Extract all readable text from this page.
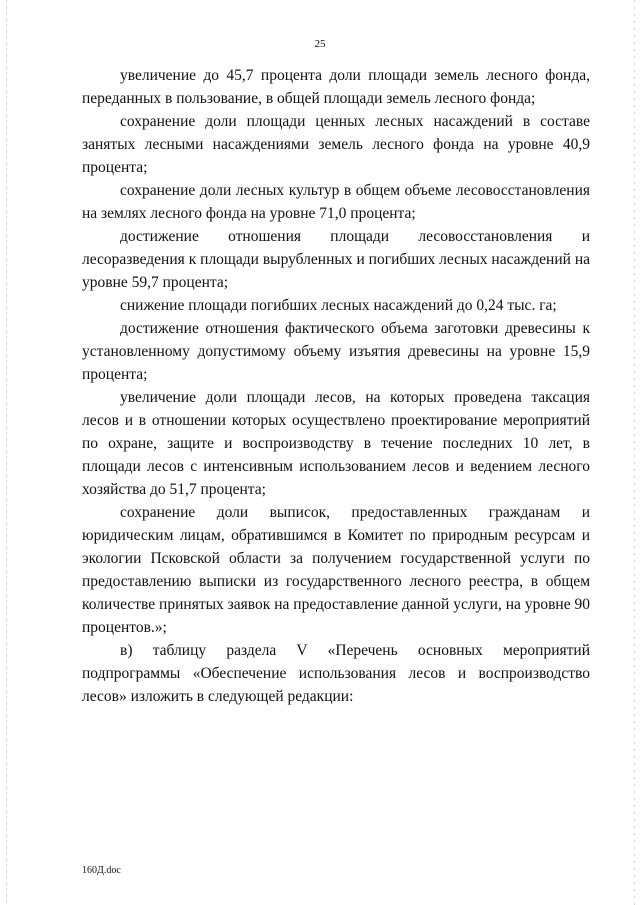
25

увеличение до 45,7 процента доли площади земель лесного фонда, переданных в пользование, в общей площади земель лесного фонда;

сохранение доли площади ценных лесных насаждений в составе занятых лесными насаждениями земель лесного фонда на уровне 40,9 процента;

сохранение доли лесных культур в общем объеме лесовосстановления на землях лесного фонда на уровне 71,0 процента;

достижение отношения площади лесовосстановления и лесоразведения к площади вырубленных и погибших лесных насаждений на уровне 59,7 процента;

снижение площади погибших лесных насаждений до 0,24 тыс. га;

достижение отношения фактического объема заготовки древесины к установленному допустимому объему изъятия древесины на уровне 15,9 процента;

увеличение доли площади лесов, на которых проведена таксация лесов и в отношении которых осуществлено проектирование мероприятий по охране, защите и воспроизводству в течение последних 10 лет, в площади лесов с интенсивным использованием лесов и ведением лесного хозяйства до 51,7 процента;

сохранение доли выписок, предоставленных гражданам и юридическим лицам, обратившимся в Комитет по природным ресурсам и экологии Псковской области за получением государственной услуги по предоставлению выписки из государственного лесного реестра, в общем количестве принятых заявок на предоставление данной услуги, на уровне 90 процентов.»;

в) таблицу раздела V «Перечень основных мероприятий подпрограммы «Обеспечение использования лесов и воспроизводство лесов» изложить в следующей редакции:

160Д.doc
